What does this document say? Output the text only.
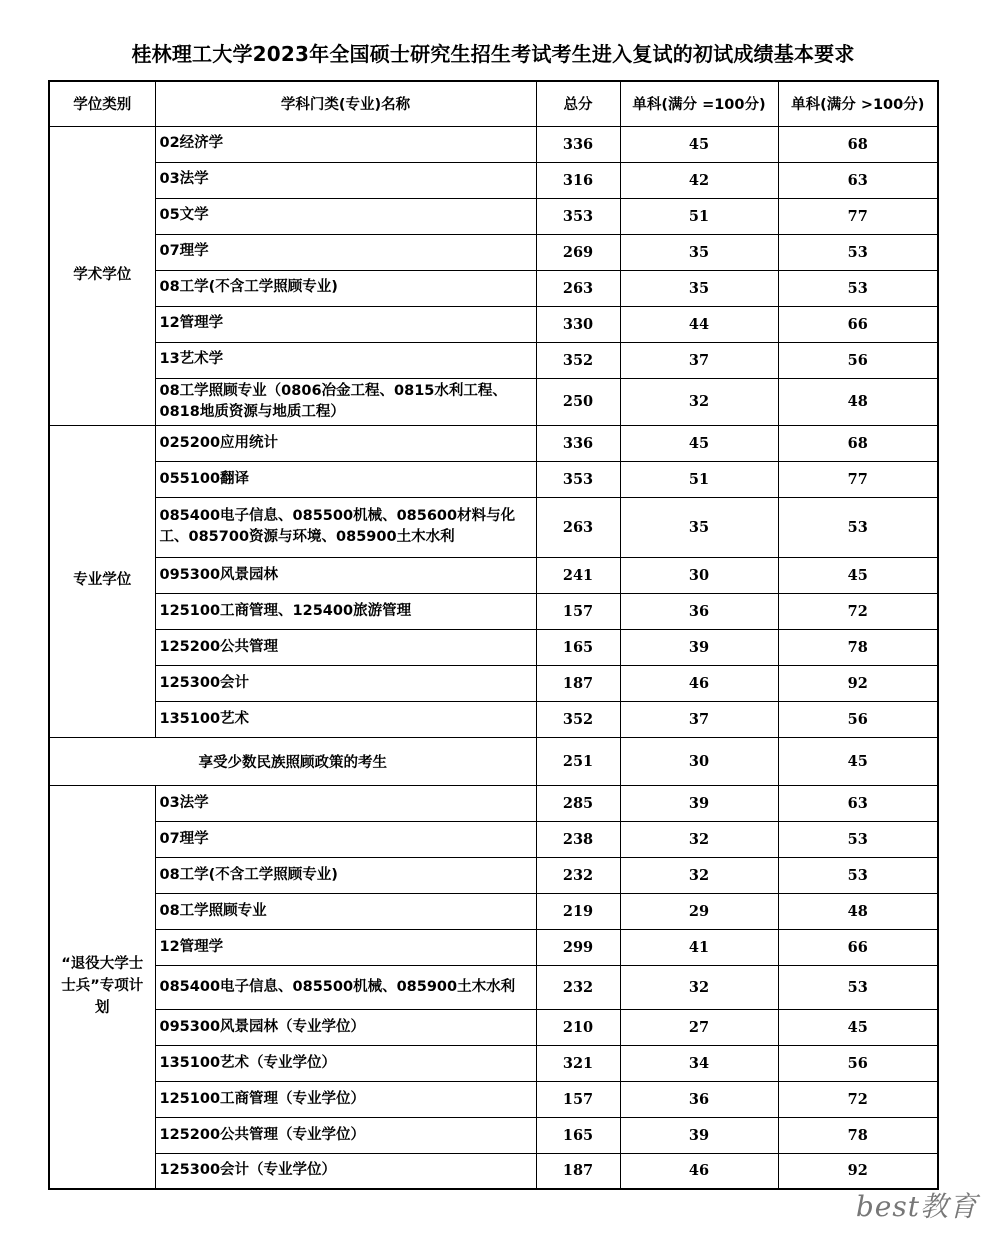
桂林理工大学2023年全国硕士研究生招生考试考生进入复试的初试成绩基本要求
学位类别	学科门类(专业)名称	总分	单科(满分 =100分)	单科(满分 >100分)
学术学位	02经济学	336	45	68
	03法学	316	42	63
	05文学	353	51	77
	07理学	269	35	53
	08工学(不含工学照顾专业)	263	35	53
	12管理学	330	44	66
	13艺术学	352	37	56
	08工学照顾专业（0806冶金工程、0815水利工程、0818地质资源与地质工程）	250	32	48
专业学位	025200应用统计	336	45	68
	055100翻译	353	51	77
	085400电子信息、085500机械、085600材料与化工、085700资源与环境、085900土木水利	263	35	53
	095300风景园林	241	30	45
	125100工商管理、125400旅游管理	157	36	72
	125200公共管理	165	39	78
	125300会计	187	46	92
	135100艺术	352	37	56
享受少数民族照顾政策的考生		251	30	45
“退役大学士士兵”专项计划	03法学	285	39	63
	07理学	238	32	53
	08工学(不含工学照顾专业)	232	32	53
	08工学照顾专业	219	29	48
	12管理学	299	41	66
	085400电子信息、085500机械、085900土木水利	232	32	53
	095300风景园林（专业学位）	210	27	45
	135100艺术（专业学位）	321	34	56
	125100工商管理（专业学位）	157	36	72
	125200公共管理（专业学位）	165	39	78
	125300会计（专业学位）	187	46	92
best教育
